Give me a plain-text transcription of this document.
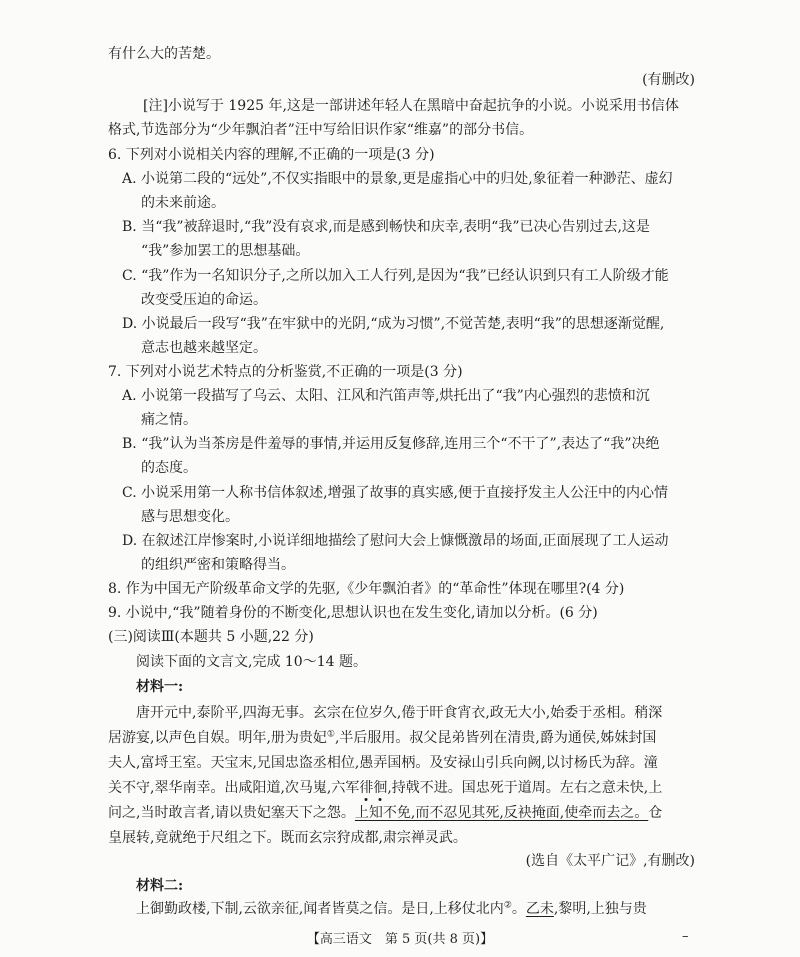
有什么大的苦楚。
(有删改)
[注]小说写于 1925 年,这是一部讲述年轻人在黑暗中奋起抗争的小说。小说采用书信体
格式,节选部分为“少年飘泊者”汪中写给旧识作家“维嘉”的部分书信。
6. 下列对小说相关内容的理解,不正确的一项是(3 分)
A. 小说第二段的“远处”,不仅实指眼中的景象,更是虚指心中的归处,象征着一种渺茫、虚幻
的未来前途。
B. 当“我”被辞退时,“我”没有哀求,而是感到畅快和庆幸,表明“我”已决心告别过去,这是
“我”参加罢工的思想基础。
C. “我”作为一名知识分子,之所以加入工人行列,是因为“我”已经认识到只有工人阶级才能
改变受压迫的命运。
D. 小说最后一段写“我”在牢狱中的光阴,“成为习惯”,不觉苦楚,表明“我”的思想逐渐觉醒,
意志也越来越坚定。
7. 下列对小说艺术特点的分析鉴赏,不正确的一项是(3 分)
A. 小说第一段描写了乌云、太阳、江风和汽笛声等,烘托出了“我”内心强烈的悲愤和沉
痛之情。
B. “我”认为当茶房是件羞辱的事情,并运用反复修辞,连用三个“不干了”,表达了“我”决绝
的态度。
C. 小说采用第一人称书信体叙述,增强了故事的真实感,便于直接抒发主人公汪中的内心情
感与思想变化。
D. 在叙述江岸惨案时,小说详细地描绘了慰问大会上慷慨激昂的场面,正面展现了工人运动
的组织严密和策略得当。
8. 作为中国无产阶级革命文学的先驱,《少年飘泊者》的“革命性”体现在哪里?(4 分)
9. 小说中,“我”随着身份的不断变化,思想认识也在发生变化,请加以分析。(6 分)
(三)阅读Ⅲ(本题共 5 小题,22 分)
阅读下面的文言文,完成 10～14 题。
材料一:
唐开元中,泰阶平,四海无事。玄宗在位岁久,倦于旰食宵衣,政无大小,始委于丞相。稍深
居游宴,以声色自娱。明年,册为贵妃①,半后服用。叔父昆弟皆列在清贵,爵为通侯,姊妹封国
夫人,富埒王室。天宝末,兄国忠盗丞相位,愚弄国柄。及安禄山引兵向阙,以讨杨氏为辞。潼
关不守,翠华南幸。出咸阳道,次马嵬,六军徘徊,持戟不进。国忠死于道周。左右之意未快,上
问之,当时敢言者,请以贵妃塞天下之怨。上知不免,而不忍见其死,反袂掩面,使牵而去之。仓
皇展转,竟就绝于尺组之下。既而玄宗狩成都,肃宗禅灵武。
(选自《太平广记》,有删改)
材料二:
上御勤政楼,下制,云欲亲征,闻者皆莫之信。是日,上移仗北内②。乙未,黎明,上独与贵
【高三语文　第 5 页(共 8 页)】	–
